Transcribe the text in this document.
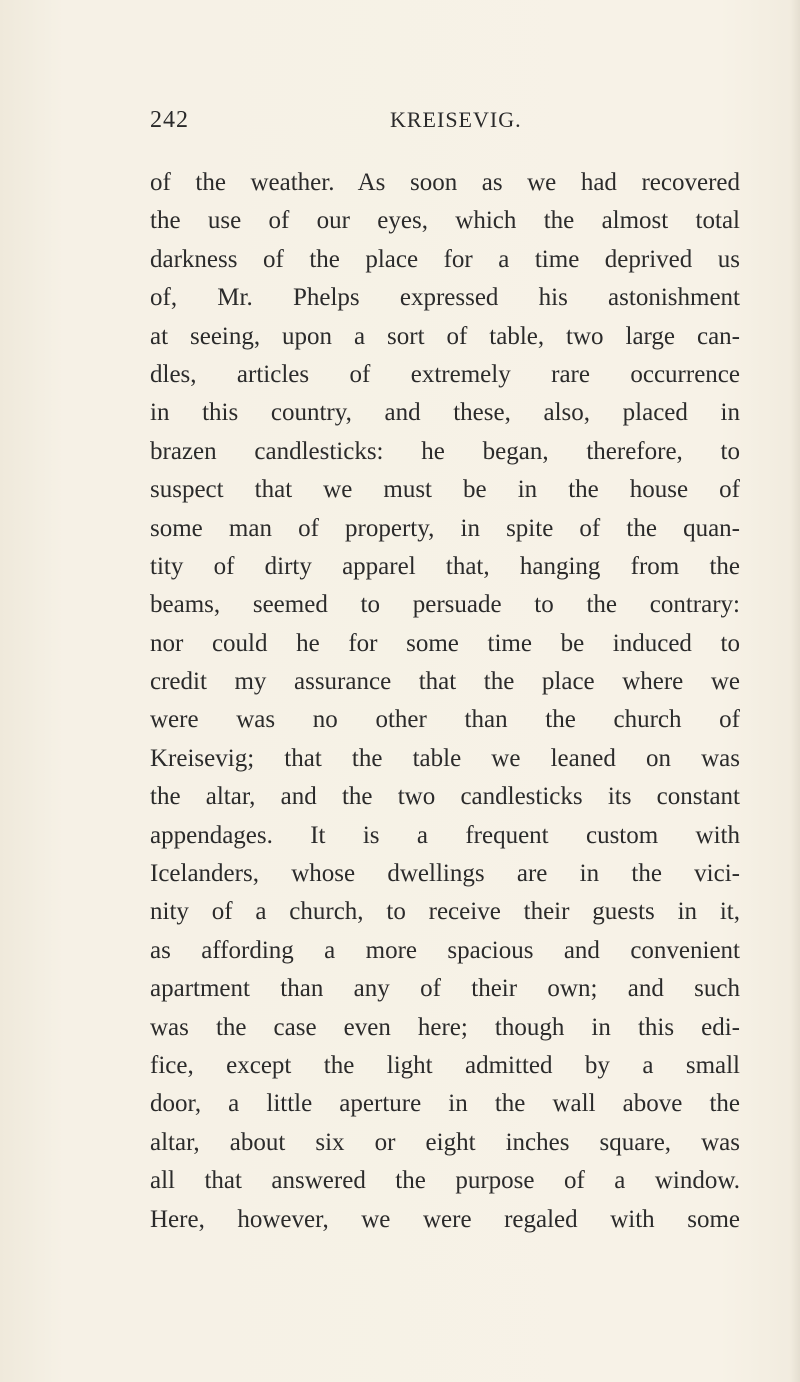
242	KREISEVIG.
of the weather. As soon as we had recovered
the use of our eyes, which the almost total
darkness of the place for a time deprived us
of, Mr. Phelps expressed his astonishment
at seeing, upon a sort of table, two large can-
dles, articles of extremely rare occurrence
in this country, and these, also, placed in
brazen candlesticks: he began, therefore, to
suspect that we must be in the house of
some man of property, in spite of the quan-
tity of dirty apparel that, hanging from the
beams, seemed to persuade to the contrary:
nor could he for some time be induced to
credit my assurance that the place where we
were was no other than the church of
Kreisevig; that the table we leaned on was
the altar, and the two candlesticks its constant
appendages. It is a frequent custom with
Icelanders, whose dwellings are in the vici-
nity of a church, to receive their guests in it,
as affording a more spacious and convenient
apartment than any of their own; and such
was the case even here; though in this edi-
fice, except the light admitted by a small
door, a little aperture in the wall above the
altar, about six or eight inches square, was
all that answered the purpose of a window.
Here, however, we were regaled with some
